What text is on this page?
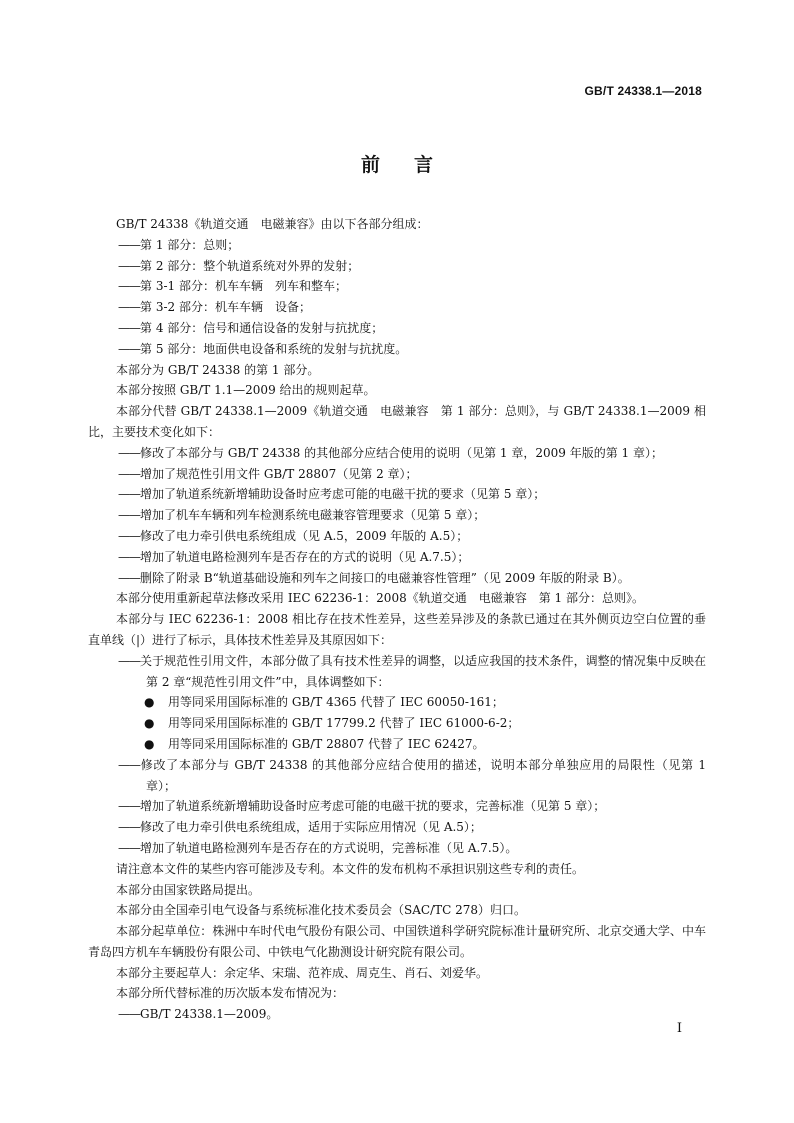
GB/T 24338.1—2018
前言

GB/T 24338《轨道交通　电磁兼容》由以下各部分组成：

——第 1 部分：总则；

——第 2 部分：整个轨道系统对外界的发射；

——第 3-1 部分：机车车辆　列车和整车；

——第 3-2 部分：机车车辆　设备；

——第 4 部分：信号和通信设备的发射与抗扰度；

——第 5 部分：地面供电设备和系统的发射与抗扰度。

本部分为 GB/T 24338 的第 1 部分。

本部分按照 GB/T 1.1—2009 给出的规则起草。

本部分代替 GB/T 24338.1—2009《轨道交通　电磁兼容　第 1 部分：总则》，与 GB/T 24338.1—2009 相比，主要技术变化如下：

——修改了本部分与 GB/T 24338 的其他部分应结合使用的说明（见第 1 章，2009 年版的第 1 章）；

——增加了规范性引用文件 GB/T 28807（见第 2 章）；

——增加了轨道系统新增辅助设备时应考虑可能的电磁干扰的要求（见第 5 章）；

——增加了机车车辆和列车检测系统电磁兼容管理要求（见第 5 章）；

——修改了电力牵引供电系统组成（见 A.5，2009 年版的 A.5）；

——增加了轨道电路检测列车是否存在的方式的说明（见 A.7.5）；

——删除了附录 B“轨道基础设施和列车之间接口的电磁兼容性管理”（见 2009 年版的附录 B）。

本部分使用重新起草法修改采用 IEC 62236-1：2008《轨道交通　电磁兼容　第 1 部分：总则》。

本部分与 IEC 62236-1：2008 相比存在技术性差异，这些差异涉及的条款已通过在其外侧页边空白位置的垂直单线（|）进行了标示，具体技术性差异及其原因如下：

——关于规范性引用文件，本部分做了具有技术性差异的调整，以适应我国的技术条件，调整的情况集中反映在第 2 章“规范性引用文件”中，具体调整如下：

● 用等同采用国际标准的 GB/T 4365 代替了 IEC 60050-161；

● 用等同采用国际标准的 GB/T 17799.2 代替了 IEC 61000-6-2；

● 用等同采用国际标准的 GB/T 28807 代替了 IEC 62427。

——修改了本部分与 GB/T 24338 的其他部分应结合使用的描述，说明本部分单独应用的局限性（见第 1 章）；

——增加了轨道系统新增辅助设备时应考虑可能的电磁干扰的要求，完善标准（见第 5 章）；

——修改了电力牵引供电系统组成，适用于实际应用情况（见 A.5）；

——增加了轨道电路检测列车是否存在的方式说明，完善标准（见 A.7.5）。

请注意本文件的某些内容可能涉及专利。本文件的发布机构不承担识别这些专利的责任。

本部分由国家铁路局提出。

本部分由全国牵引电气设备与系统标准化技术委员会（SAC/TC 278）归口。

本部分起草单位：株洲中车时代电气股份有限公司、中国铁道科学研究院标准计量研究所、北京交通大学、中车青岛四方机车车辆股份有限公司、中铁电气化勘测设计研究院有限公司。

本部分主要起草人：余定华、宋瑞、范祚成、周克生、肖石、刘爱华。

本部分所代替标准的历次版本发布情况为：

——GB/T 24338.1—2009。

I
